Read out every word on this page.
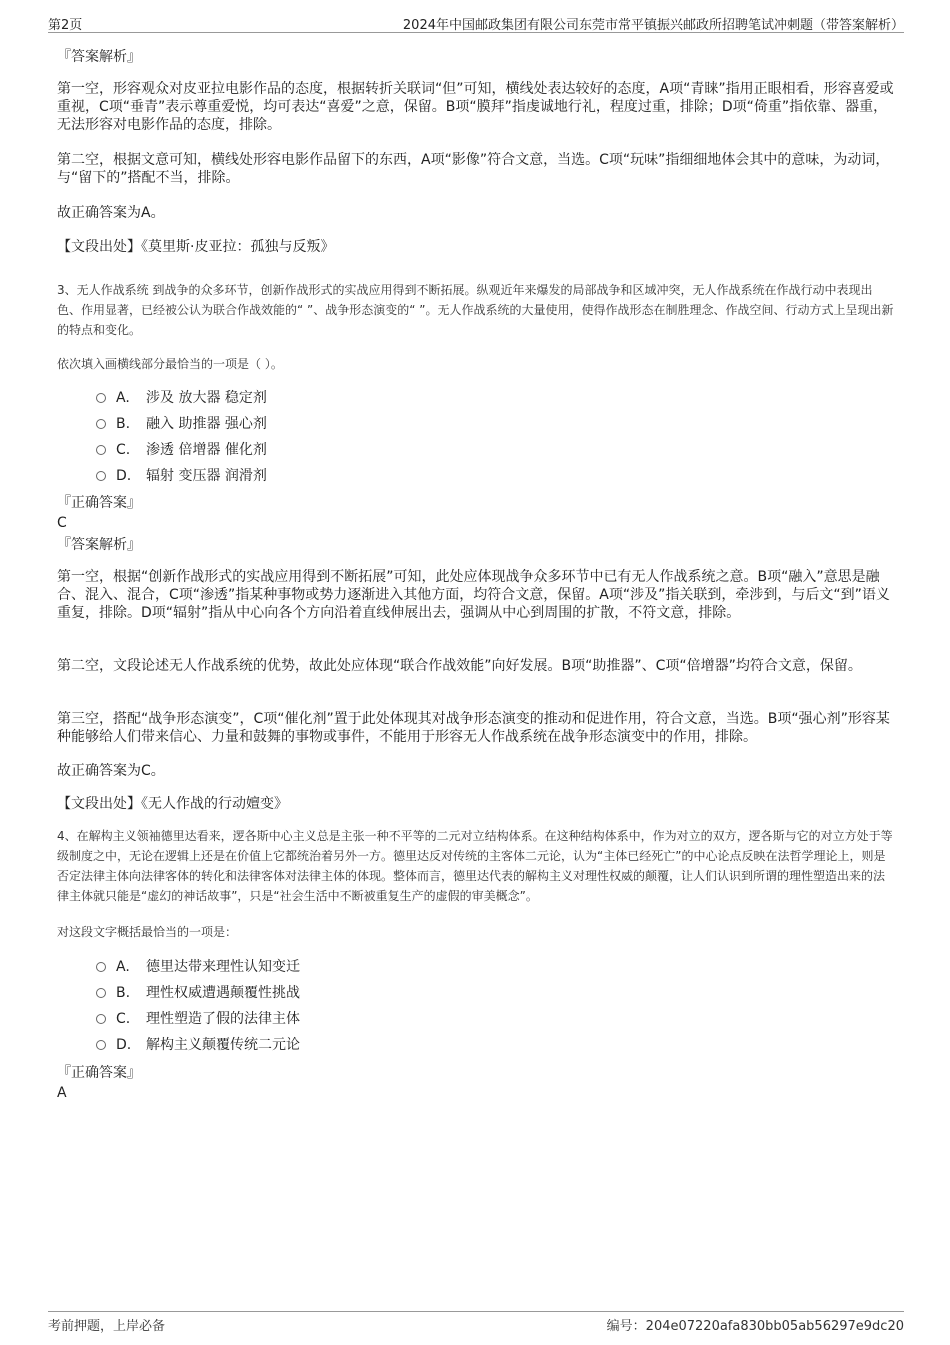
第2页	2024年中国邮政集团有限公司东莞市常平镇振兴邮政所招聘笔试冲刺题（带答案解析）
『答案解析』

第一空，形容观众对皮亚拉电影作品的态度，根据转折关联词“但”可知，横线处表达较好的态度，A项“青睐”指用正眼相看，形容喜爱或重视，C项“垂青”表示尊重爱悦，均可表达“喜爱”之意，保留。B项“膜拜”指虔诚地行礼，程度过重，排除；D项“倚重”指依靠、器重，无法形容对电影作品的态度，排除。

第二空，根据文意可知，横线处形容电影作品留下的东西，A项“影像”符合文意，当选。C项“玩味”指细细地体会其中的意味，为动词，与“留下的”搭配不当，排除。

故正确答案为A。

【文段出处】《莫里斯·皮亚拉：孤独与反叛》

3、无人作战系统 到战争的众多环节，创新作战形式的实战应用得到不断拓展。纵观近年来爆发的局部战争和区域冲突，无人作战系统在作战行动中表现出色、作用显著，已经被公认为联合作战效能的“ ”、战争形态演变的“ ”。无人作战系统的大量使用，使得作战形态在制胜理念、作战空间、行动方式上呈现出新的特点和变化。

依次填入画横线部分最恰当的一项是（ ）。

A. 涉及 放大器 稳定剂
B. 融入 助推器 强心剂
C. 渗透 倍增器 催化剂
D. 辐射 变压器 润滑剂
『正确答案』
C
『答案解析』

第一空，根据“创新作战形式的实战应用得到不断拓展”可知，此处应体现战争众多环节中已有无人作战系统之意。B项“融入”意思是融合、混入、混合，C项“渗透”指某种事物或势力逐渐进入其他方面，均符合文意，保留。A项“涉及”指关联到，牵涉到，与后文“到”语义重复，排除。D项“辐射”指从中心向各个方向沿着直线伸展出去，强调从中心到周围的扩散，不符文意，排除。

第二空，文段论述无人作战系统的优势，故此处应体现“联合作战效能”向好发展。B项“助推器”、C项“倍增器”均符合文意，保留。

第三空，搭配“战争形态演变”，C项“催化剂”置于此处体现其对战争形态演变的推动和促进作用，符合文意，当选。B项“强心剂”形容某种能够给人们带来信心、力量和鼓舞的事物或事件，不能用于形容无人作战系统在战争形态演变中的作用，排除。

故正确答案为C。

【文段出处】《无人作战的行动嬗变》

4、在解构主义领袖德里达看来，逻各斯中心主义总是主张一种不平等的二元对立结构体系。在这种结构体系中，作为对立的双方，逻各斯与它的对立方处于等级制度之中，无论在逻辑上还是在价值上它都统治着另外一方。德里达反对传统的主客体二元论，认为“主体已经死亡”的中心论点反映在法哲学理论上，则是否定法律主体向法律客体的转化和法律客体对法律主体的体现。整体而言，德里达代表的解构主义对理性权威的颠覆，让人们认识到所谓的理性塑造出来的法律主体就只能是“虚幻的神话故事”，只是“社会生活中不断被重复生产的虚假的审美概念”。

对这段文字概括最恰当的一项是：

A. 德里达带来理性认知变迁
B. 理性权威遭遇颠覆性挑战
C. 理性塑造了假的法律主体
D. 解构主义颠覆传统二元论
『正确答案』
A
考前押题，上岸必备	编号：204e07220afa830bb05ab56297e9dc20
